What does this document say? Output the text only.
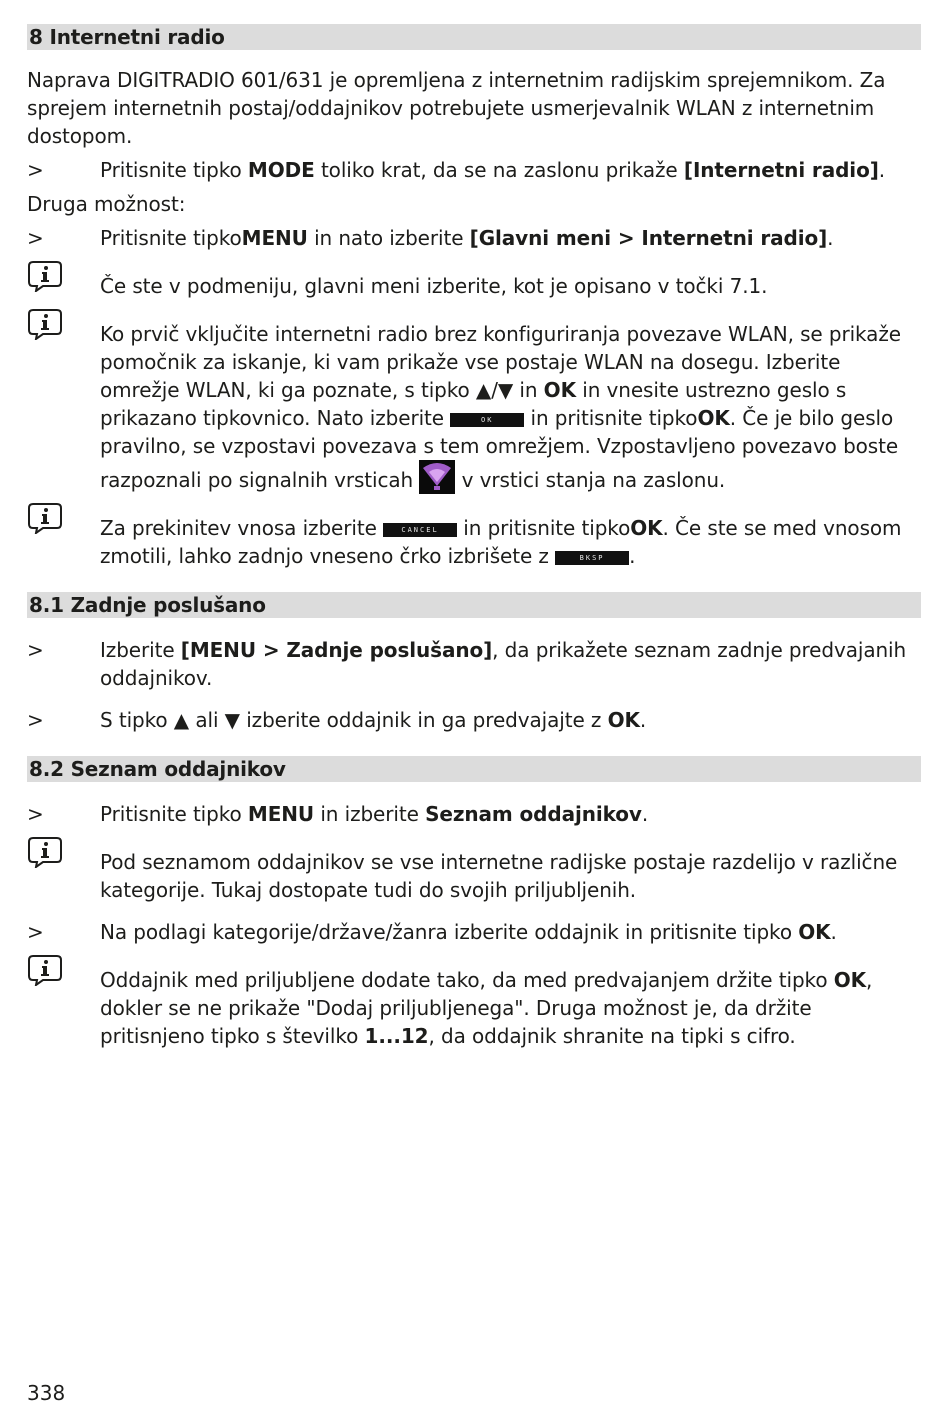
8 Internetni radio

Naprava DIGITRADIO 601/631 je opremljena z internetnim radijskim sprejemnikom. Za sprejem internetnih postaj/oddajnikov potrebujete usmerjevalnik WLAN z internetnim dostopom.

>	Pritisnite tipko MODE toliko krat, da se na zaslonu prikaže [Internetni radio].

Druga možnost:

>	Pritisnite tipkoMENU in nato izberite [Glavni meni > Internetni radio].
Če ste v podmeniju, glavni meni izberite, kot je opisano v točki 7.1.
Ko prvič vključite internetni radio brez konfiguriranja povezave WLAN, se prikaže pomočnik za iskanje, ki vam prikaže vse postaje WLAN na dosegu. Izberite omrežje WLAN, ki ga poznate, s tipko ▲/▼ in OK in vnesite ustrezno geslo s prikazano tipkovnico. Nato izberite	OK in pritisnite tipkoOK. Če je bilo geslo pravilno, se vzpostavi povezava s tem omrežjem. Vzpostavljeno povezavo boste razpoznali po signalnih vrsticah  v vrstici stanja na zaslonu.
Za prekinitev vnosa izberite	CANCEL in pritisnite tipkoOK. Če ste se med vnosom zmotili, lahko zadnjo vneseno črko izbrišete z	BKSP .
8.1 Zadnje poslušano
>	Izberite [MENU > Zadnje poslušano], da prikažete seznam zadnje predvajanih oddajnikov.
>	S tipko ▲ ali ▼ izberite oddajnik in ga predvajajte z OK.
8.2 Seznam oddajnikov
>	Pritisnite tipko MENU in izberite Seznam oddajnikov.
Pod seznamom oddajnikov se vse internetne radijske postaje razdelijo v različne kategorije. Tukaj dostopate tudi do svojih priljubljenih.
>	Na podlagi kategorije/države/žanra izberite oddajnik in pritisnite tipko OK.
Oddajnik med priljubljene dodate tako, da med predvajanjem držite tipko OK, dokler se ne prikaže "Dodaj priljubljenega". Druga možnost je, da držite pritisnjeno tipko s številko 1...12, da oddajnik shranite na tipki s cifro.
338
